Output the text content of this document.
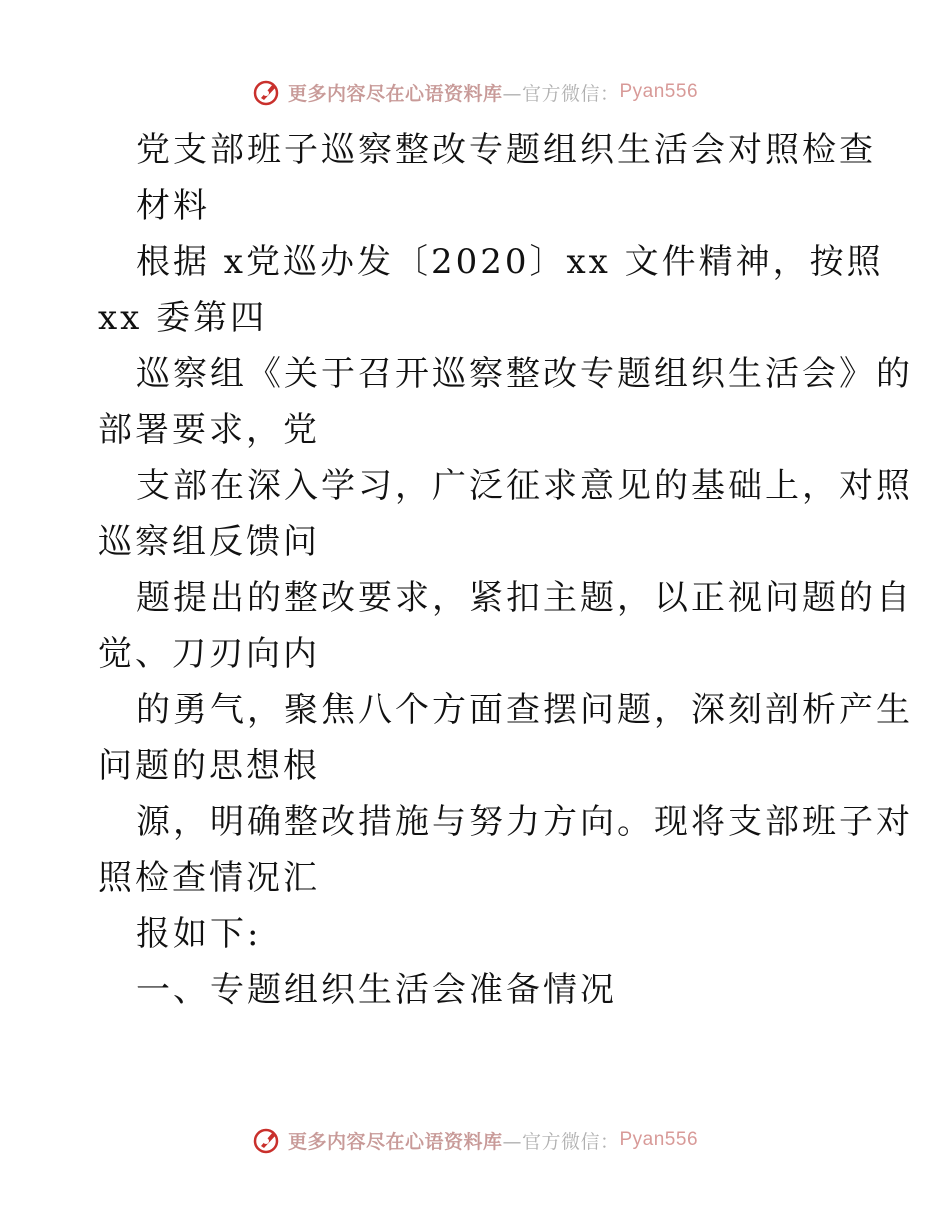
更多内容尽在心语资料库 —官方微信： Pyan556
党支部班子巡察整改专题组织生活会对照检查
材料
根据 x党巡办发〔2020〕xx 文件精神，按照
xx 委第四
巡察组《关于召开巡察整改专题组织生活会》的
部署要求，党
支部在深入学习，广泛征求意见的基础上，对照
巡察组反馈问
题提出的整改要求，紧扣主题，以正视问题的自
觉、刀刃向内
的勇气，聚焦八个方面查摆问题，深刻剖析产生
问题的思想根
源，明确整改措施与努力方向。现将支部班子对
照检查情况汇
报如下:
一、专题组织生活会准备情况
更多内容尽在心语资料库 —官方微信： Pyan556
